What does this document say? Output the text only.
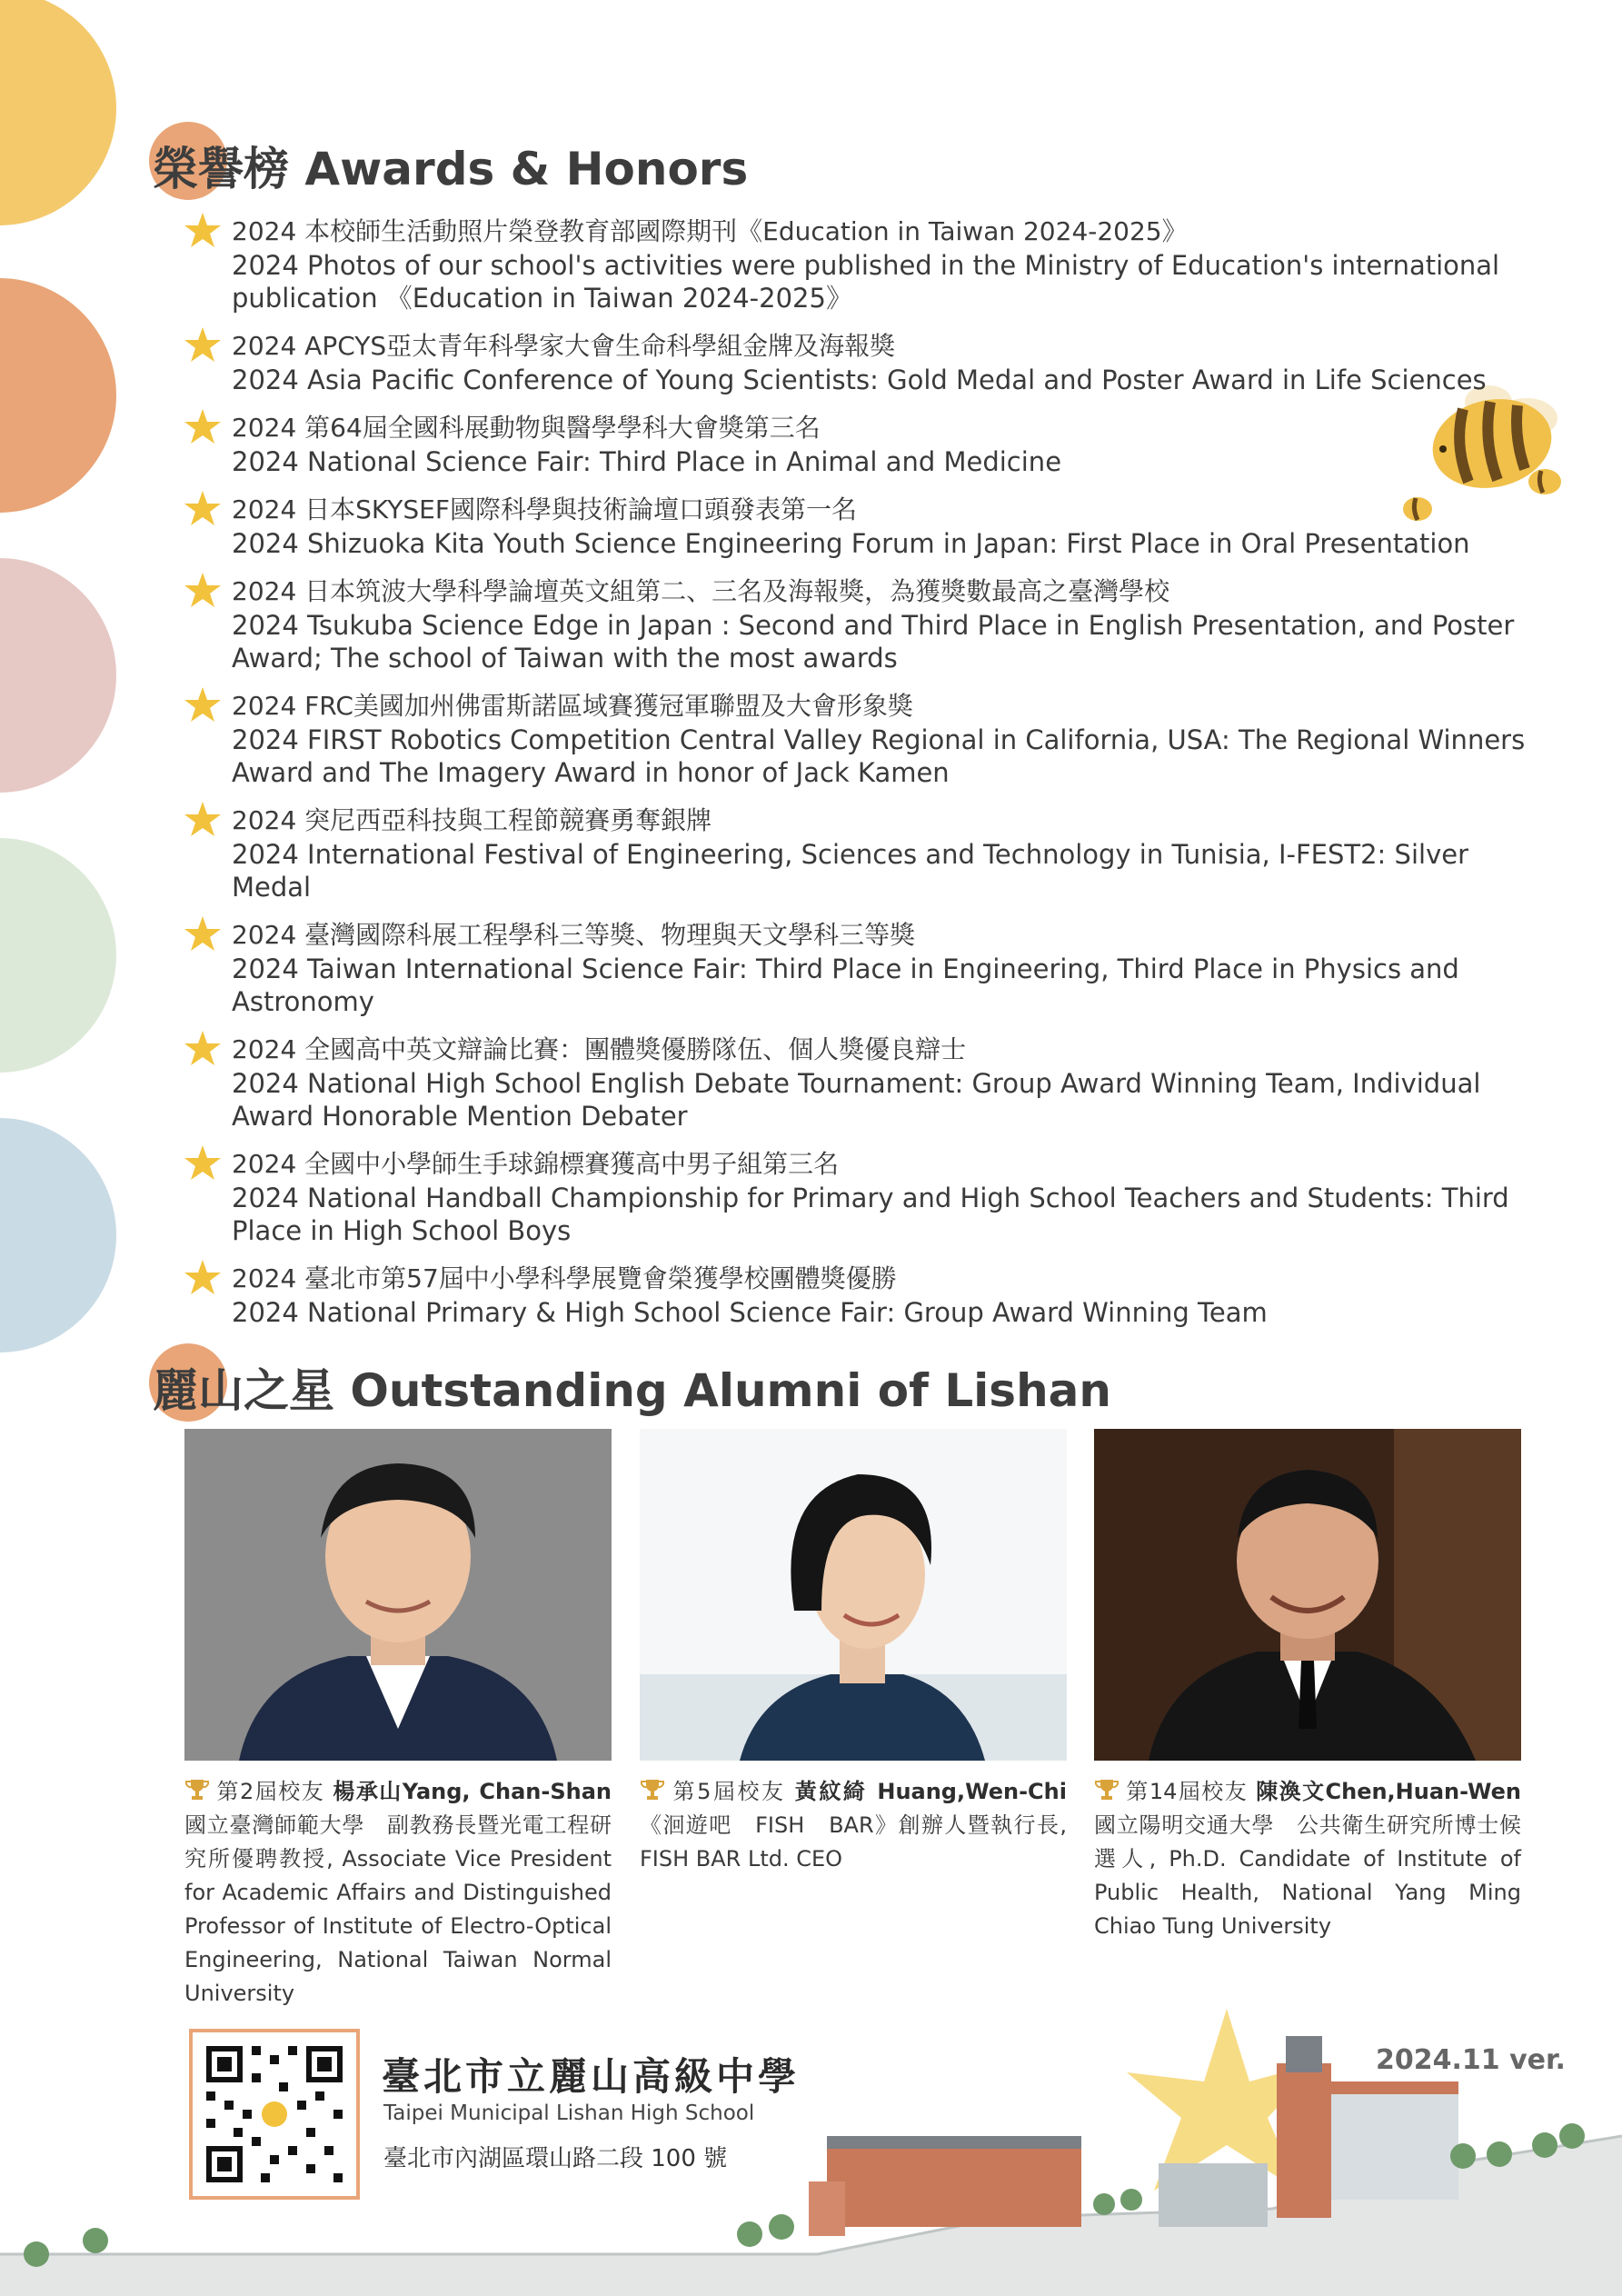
榮譽榜 Awards & Honors
2024 本校師生活動照片榮登教育部國際期刊《Education in Taiwan 2024-2025》
2024 Photos of our school's activities were published in the Ministry of Education's international publication 《Education in Taiwan 2024-2025》
2024 APCYS亞太青年科學家大會生命科學組金牌及海報獎
2024 Asia Pacific Conference of Young Scientists: Gold Medal and Poster Award in Life Sciences
2024 第64屆全國科展動物與醫學學科大會獎第三名
2024 National Science Fair: Third Place in Animal and Medicine
2024 日本SKYSEF國際科學與技術論壇口頭發表第一名
2024 Shizuoka Kita Youth Science Engineering Forum in Japan: First Place in Oral Presentation
2024 日本筑波大學科學論壇英文組第二、三名及海報獎，為獲獎數最高之臺灣學校
2024 Tsukuba Science Edge in Japan : Second and Third Place in English Presentation, and Poster Award; The school of Taiwan with the most awards
2024 FRC美國加州佛雷斯諾區域賽獲冠軍聯盟及大會形象獎
2024 FIRST Robotics Competition Central Valley Regional in California, USA: The Regional Winners Award and The Imagery Award in honor of Jack Kamen
2024 突尼西亞科技與工程節競賽勇奪銀牌
2024 International Festival of Engineering, Sciences and Technology in Tunisia, I-FEST2: Silver Medal
2024 臺灣國際科展工程學科三等獎、物理與天文學科三等獎
2024 Taiwan International Science Fair: Third Place in Engineering, Third Place in Physics and Astronomy
2024 全國高中英文辯論比賽：團體獎優勝隊伍、個人獎優良辯士
2024 National High School English Debate Tournament: Group Award Winning Team, Individual Award Honorable Mention Debater
2024 全國中小學師生手球錦標賽獲高中男子組第三名
2024 National Handball Championship for Primary and High School Teachers and Students: Third Place in High School Boys
2024 臺北市第57屆中小學科學展覽會榮獲學校團體獎優勝
2024 National Primary & High School Science Fair: Group Award Winning Team
麗山之星 Outstanding Alumni of Lishan
第2屆校友 楊承山Yang, Chan-Shan 國立臺灣師範大學　副教務長暨光電工程研究所優聘教授, Associate Vice President for Academic Affairs and Distinguished Professor of Institute of Electro-Optical Engineering, National Taiwan Normal University
第5屆校友 黃紋綺 Huang,Wen-Chi 《洄遊吧　FISH　BAR》創辦人暨執行長, FISH BAR Ltd. CEO
第14屆校友 陳渙文Chen,Huan-Wen 國立陽明交通大學　公共衛生研究所博士候選人, Ph.D. Candidate of Institute of Public Health, National Yang Ming Chiao Tung University
臺北市立麗山高級中學
Taipei Municipal Lishan High School
臺北市內湖區環山路二段 100 號
2024.11 ver.
